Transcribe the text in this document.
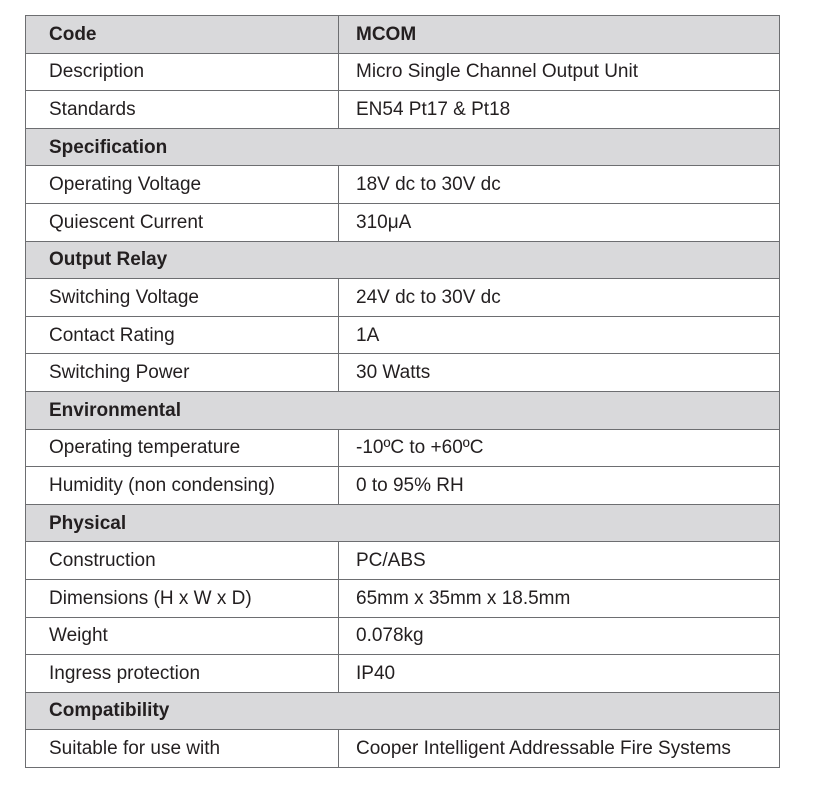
Code	MCOM
Description	Micro Single Channel Output Unit
Standards	EN54 Pt17 & Pt18
Specification	
Operating Voltage	18V dc to 30V dc
Quiescent Current	310μA
Output Relay	
Switching Voltage	24V dc to 30V dc
Contact Rating	1A
Switching Power	30 Watts
Environmental	
Operating temperature	-10ºC to +60ºC
Humidity (non condensing)	0 to 95% RH
Physical	
Construction	PC/ABS
Dimensions (H x W x D)	65mm x 35mm x 18.5mm
Weight	0.078kg
Ingress protection	IP40
Compatibility	
Suitable for use with	Cooper Intelligent Addressable Fire Systems
